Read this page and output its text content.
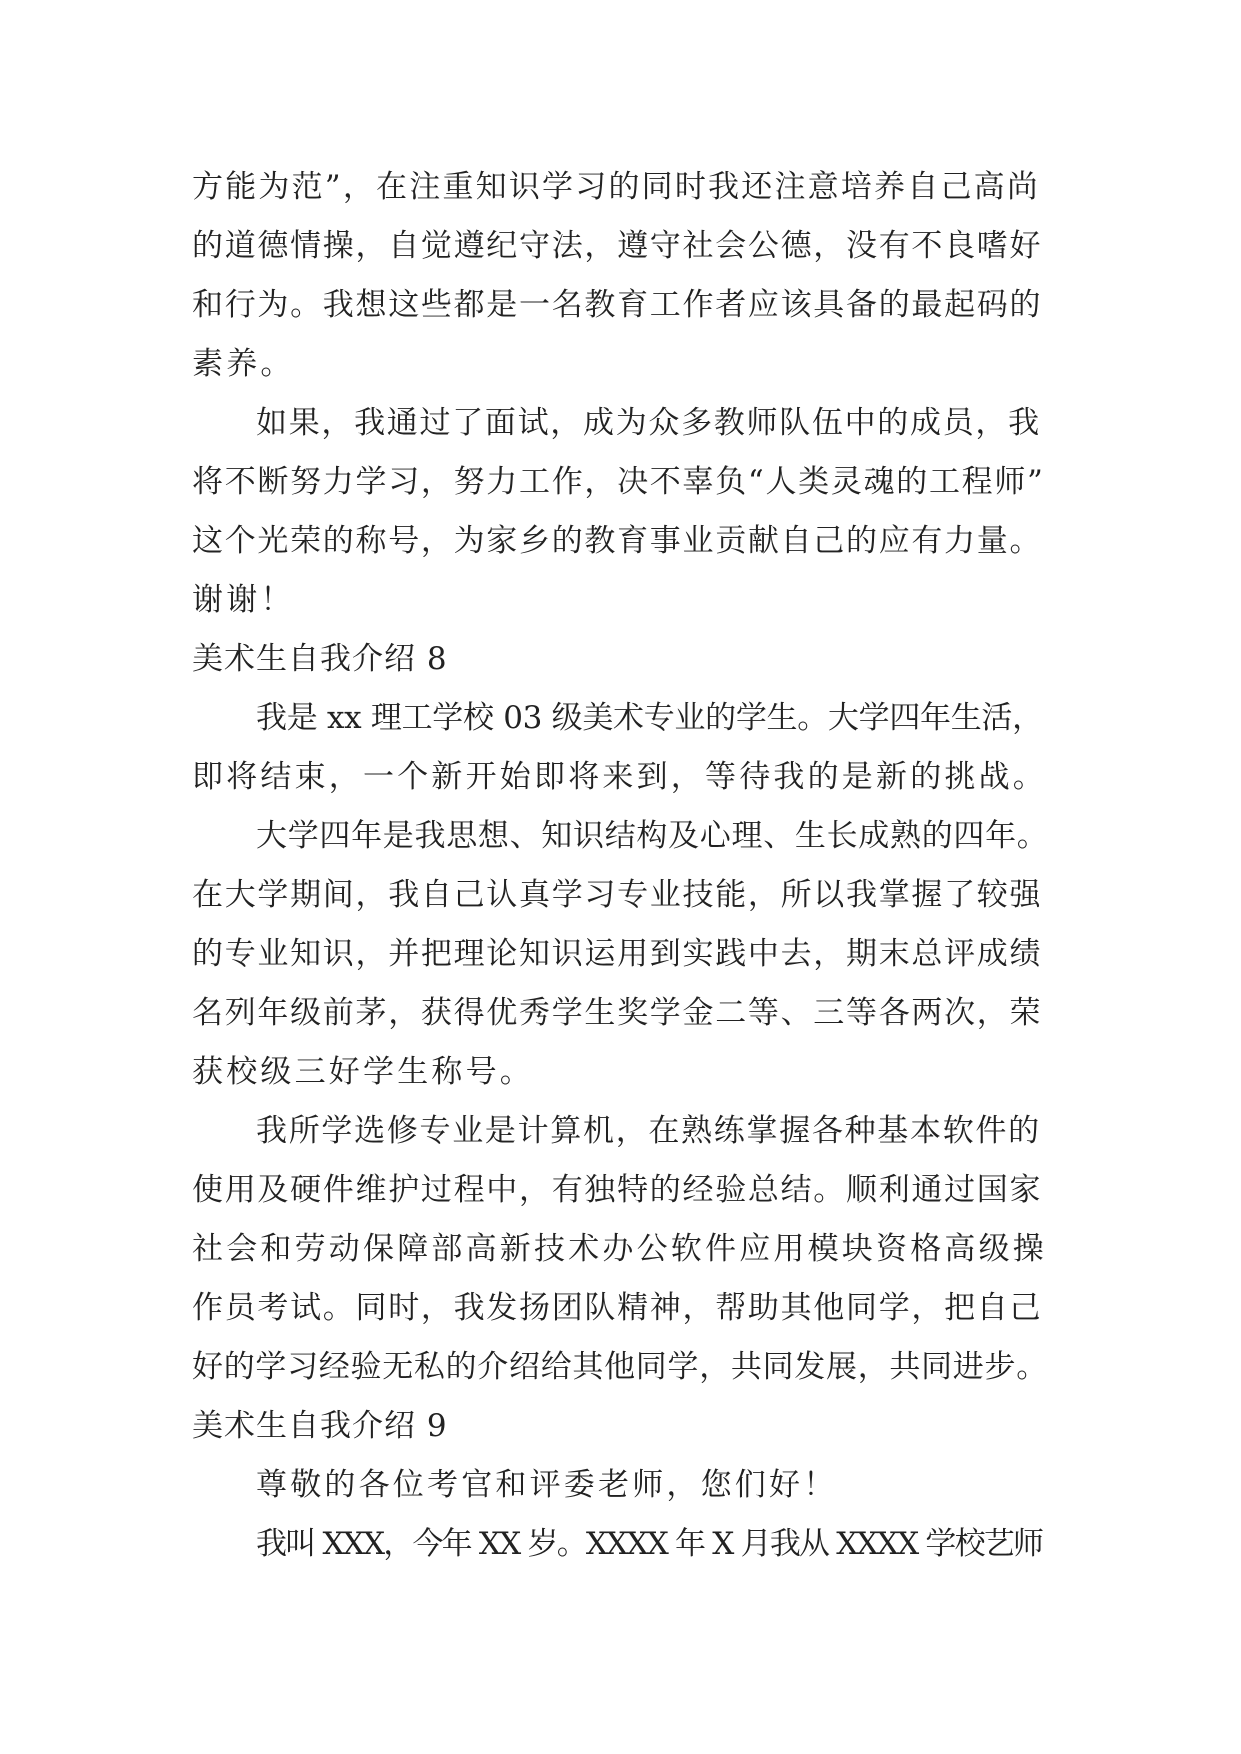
方能为范”，在注重知识学习的同时我还注意培养自己高尚
的道德情操，自觉遵纪守法，遵守社会公德，没有不良嗜好
和行为。我想这些都是一名教育工作者应该具备的最起码的
素养。
如果，我通过了面试，成为众多教师队伍中的成员，我
将不断努力学习，努力工作，决不辜负“人类灵魂的工程师”
这个光荣的称号，为家乡的教育事业贡献自己的应有力量。
谢谢！
美术生自我介绍 8
我是 xx 理工学校 03 级美术专业的学生。大学四年生活，
即将结束，一个新开始即将来到，等待我的是新的挑战。
大学四年是我思想、知识结构及心理、生长成熟的四年。
在大学期间，我自己认真学习专业技能，所以我掌握了较强
的专业知识，并把理论知识运用到实践中去，期末总评成绩
名列年级前茅，获得优秀学生奖学金二等、三等各两次，荣
获校级三好学生称号。
我所学选修专业是计算机，在熟练掌握各种基本软件的
使用及硬件维护过程中，有独特的经验总结。顺利通过国家
社会和劳动保障部高新技术办公软件应用模块资格高级操
作员考试。同时，我发扬团队精神，帮助其他同学，把自己
好的学习经验无私的介绍给其他同学，共同发展，共同进步。
美术生自我介绍 9
尊敬的各位考官和评委老师，您们好！
我叫 XXX，今年 XX 岁。XXXX 年 X 月我从 XXXX 学校艺师
